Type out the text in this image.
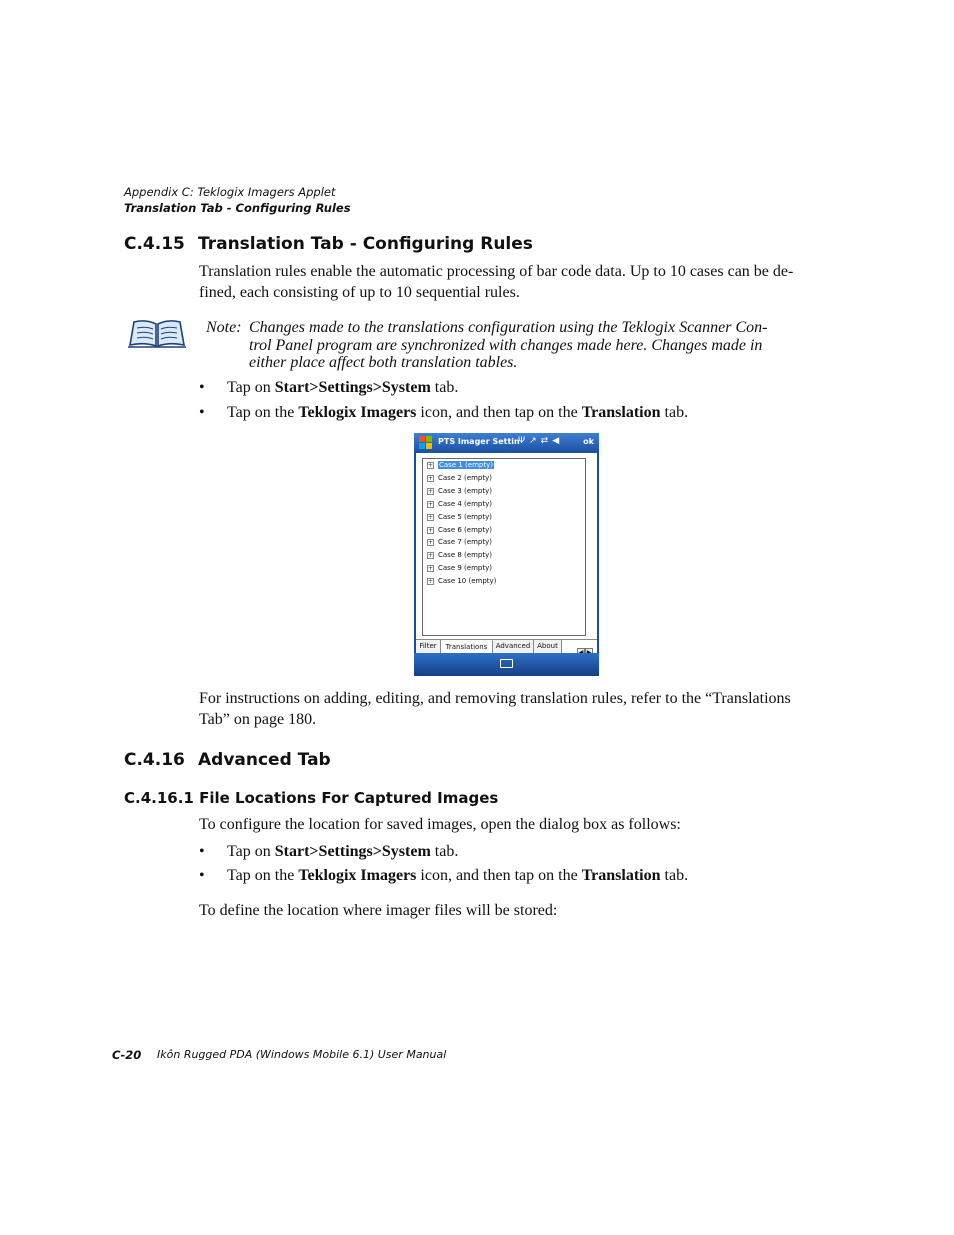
Appendix C: Teklogix Imagers Applet
Translation Tab - Configuring Rules
C.4.15 Translation Tab - Configuring Rules
Translation rules enable the automatic processing of bar code data. Up to 10 cases can be de-
fined, each consisting of up to 10 sequential rules.
Note: Changes made to the translations configuration using the Teklogix Scanner Con-
trol Panel program are synchronized with changes made here. Changes made in
either place affect both translation tables.
• Tap on Start>Settings>System tab.
• Tap on the Teklogix Imagers icon, and then tap on the Translation tab.
PTS Imager Settin
Ψ ↗ ⇄ ◀	ok
+ Case 1 (empty)
+ Case 2 (empty)
+ Case 3 (empty)
+ Case 4 (empty)
+ Case 5 (empty)
+ Case 6 (empty)
+ Case 7 (empty)
+ Case 8 (empty)
+ Case 9 (empty)
+ Case 10 (empty)
Filter	Translations	Advanced About
For instructions on adding, editing, and removing translation rules, refer to the “Translations
Tab” on page 180.
C.4.16 Advanced Tab
C.4.16.1 File Locations For Captured Images
To configure the location for saved images, open the dialog box as follows:
• Tap on Start>Settings>System tab.
• Tap on the Teklogix Imagers icon, and then tap on the Translation tab.
To define the location where imager files will be stored:
C-20 Ikôn Rugged PDA (Windows Mobile 6.1) User Manual
